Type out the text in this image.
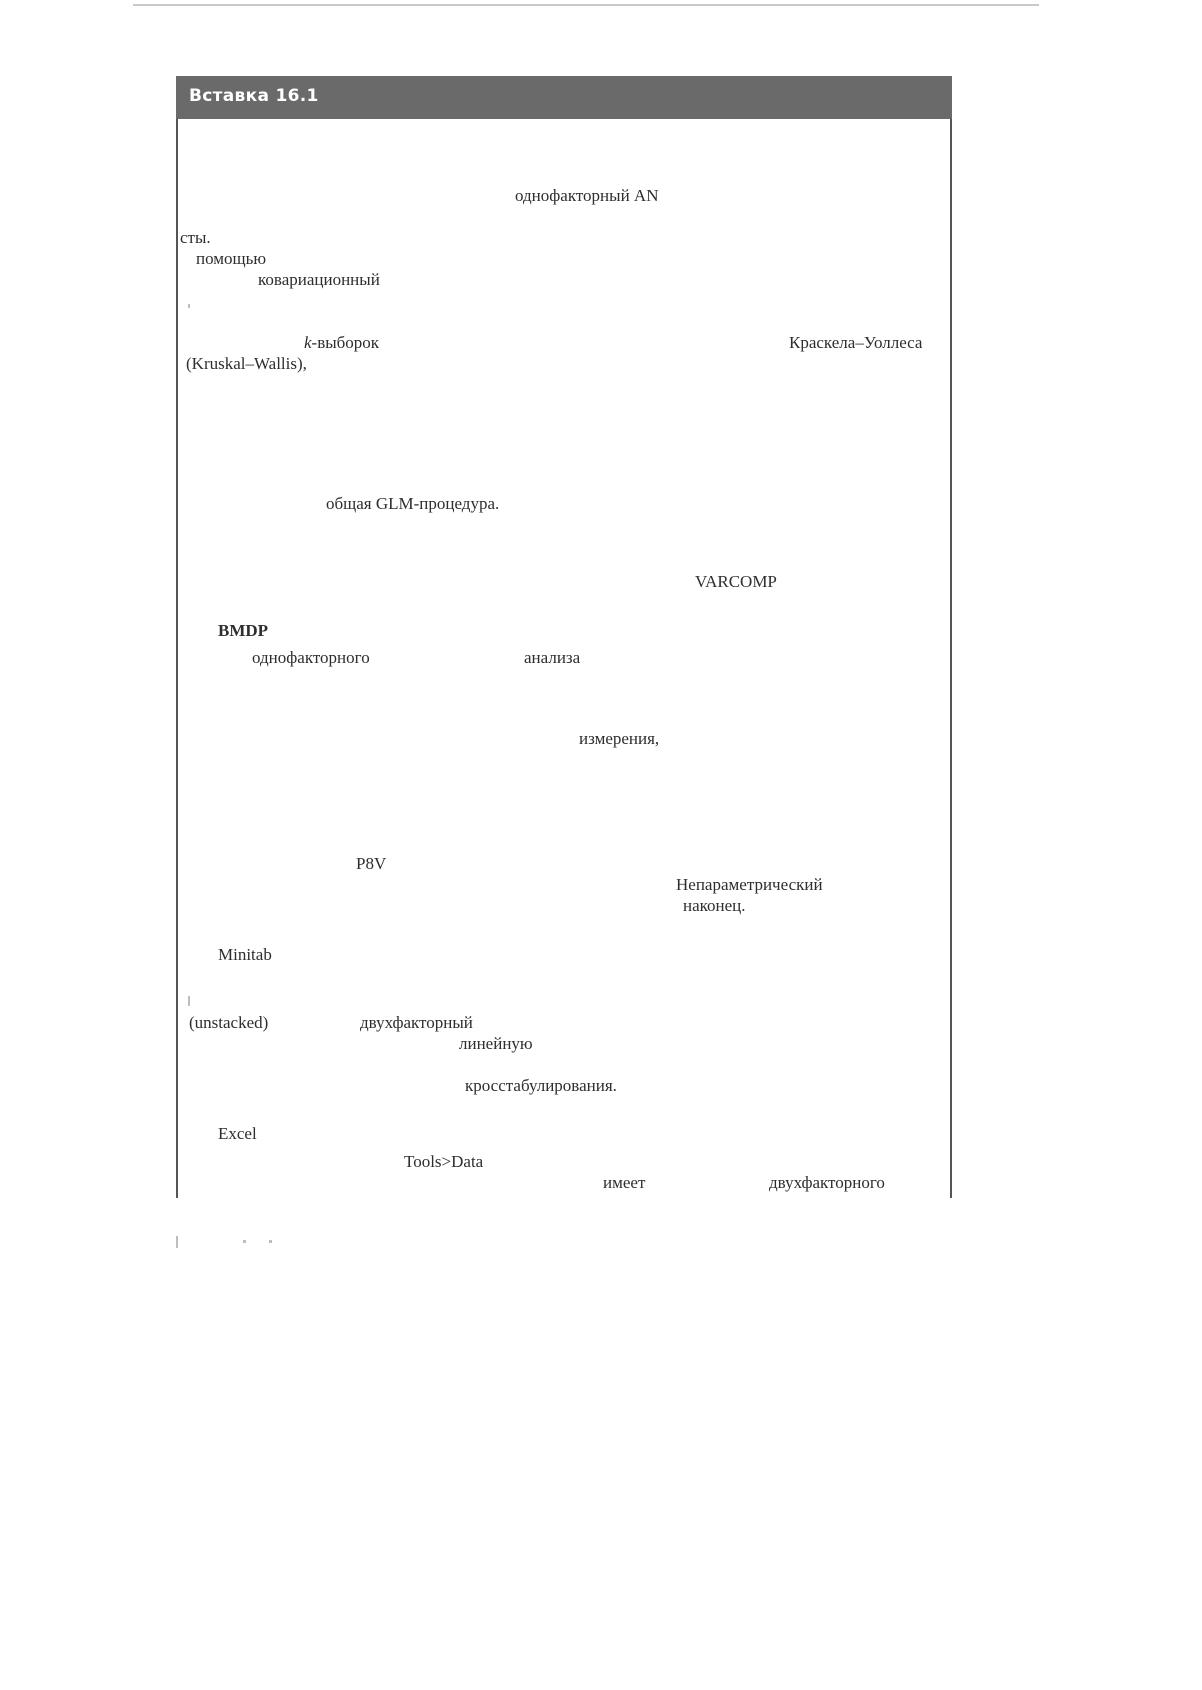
Вставка 16.1
однофакторный AN
сты.
помощью
ковариационный
k-выборок	Краскела–Уоллеса
(Kruskal–Wallis),
общая GLM-процедура.
VARCOMP
BMDP
однофакторного	анализа
измерения,
P8V
Непараметрический
наконец.
Minitab
(unstacked)	двухфакторный
линейную
кросстабулирования.
Excel
Tools>Data
имеет	двухфакторного
